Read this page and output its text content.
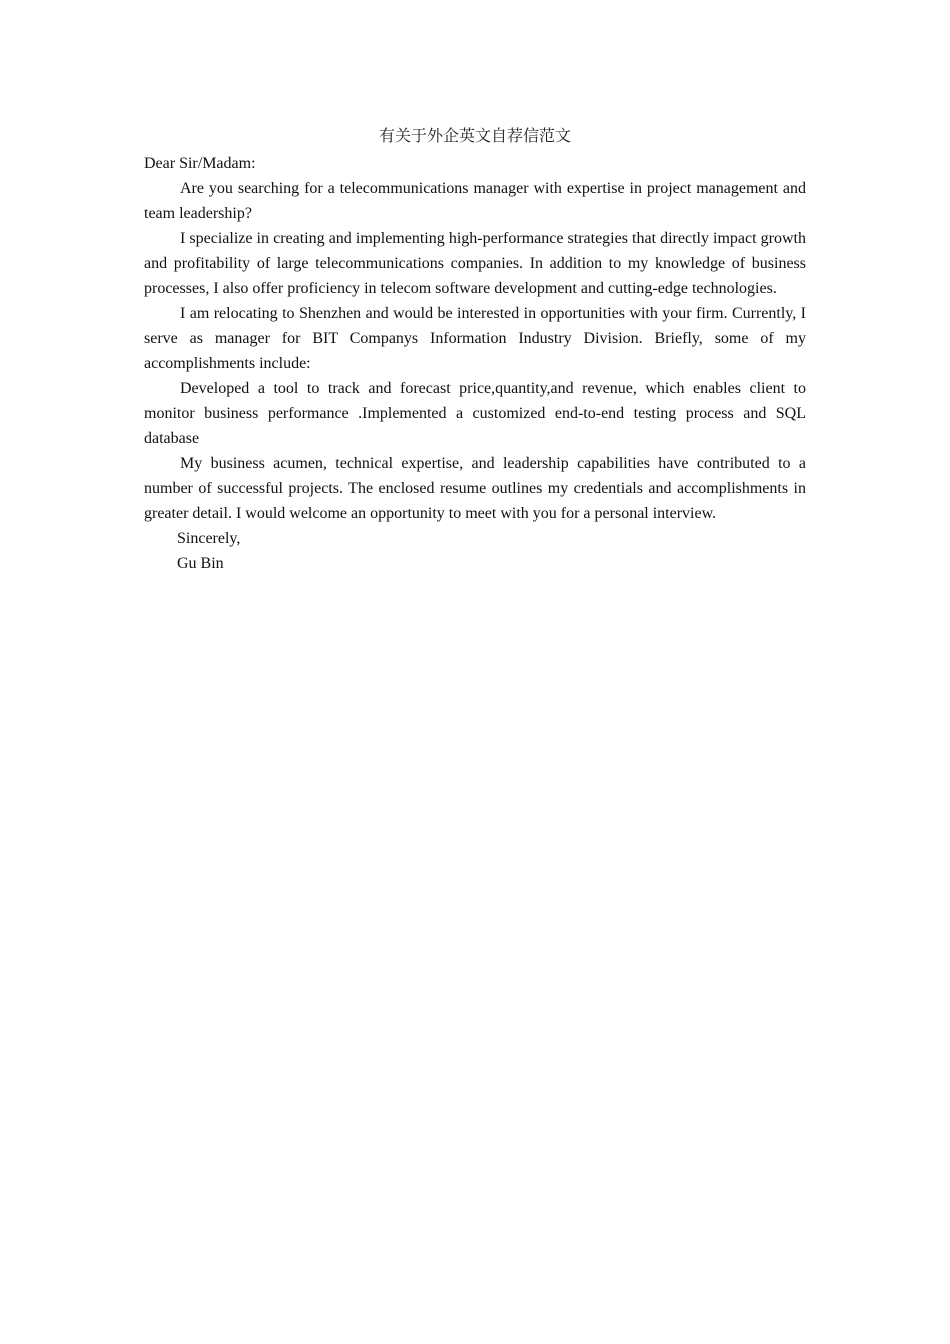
有关于外企英文自荐信范文

Dear Sir/Madam:

Are you searching for a telecommunications manager with expertise in project management and team leadership?

I specialize in creating and implementing high-performance strategies that directly impact growth and profitability of large telecommunications companies. In addition to my knowledge of business processes, I also offer proficiency in telecom software development and cutting-edge technologies.

I am relocating to Shenzhen and would be interested in opportunities with your firm. Currently, I serve as manager for BIT Companys Information Industry Division. Briefly, some of my accomplishments include:

Developed a tool to track and forecast price,quantity,and revenue, which enables client to monitor business performance .Implemented a customized end-to-end testing process and SQL database

My business acumen, technical expertise, and leadership capabilities have contributed to a number of successful projects. The enclosed resume outlines my credentials and accomplishments in greater detail. I would welcome an opportunity to meet with you for a personal interview.

Sincerely,

Gu Bin
